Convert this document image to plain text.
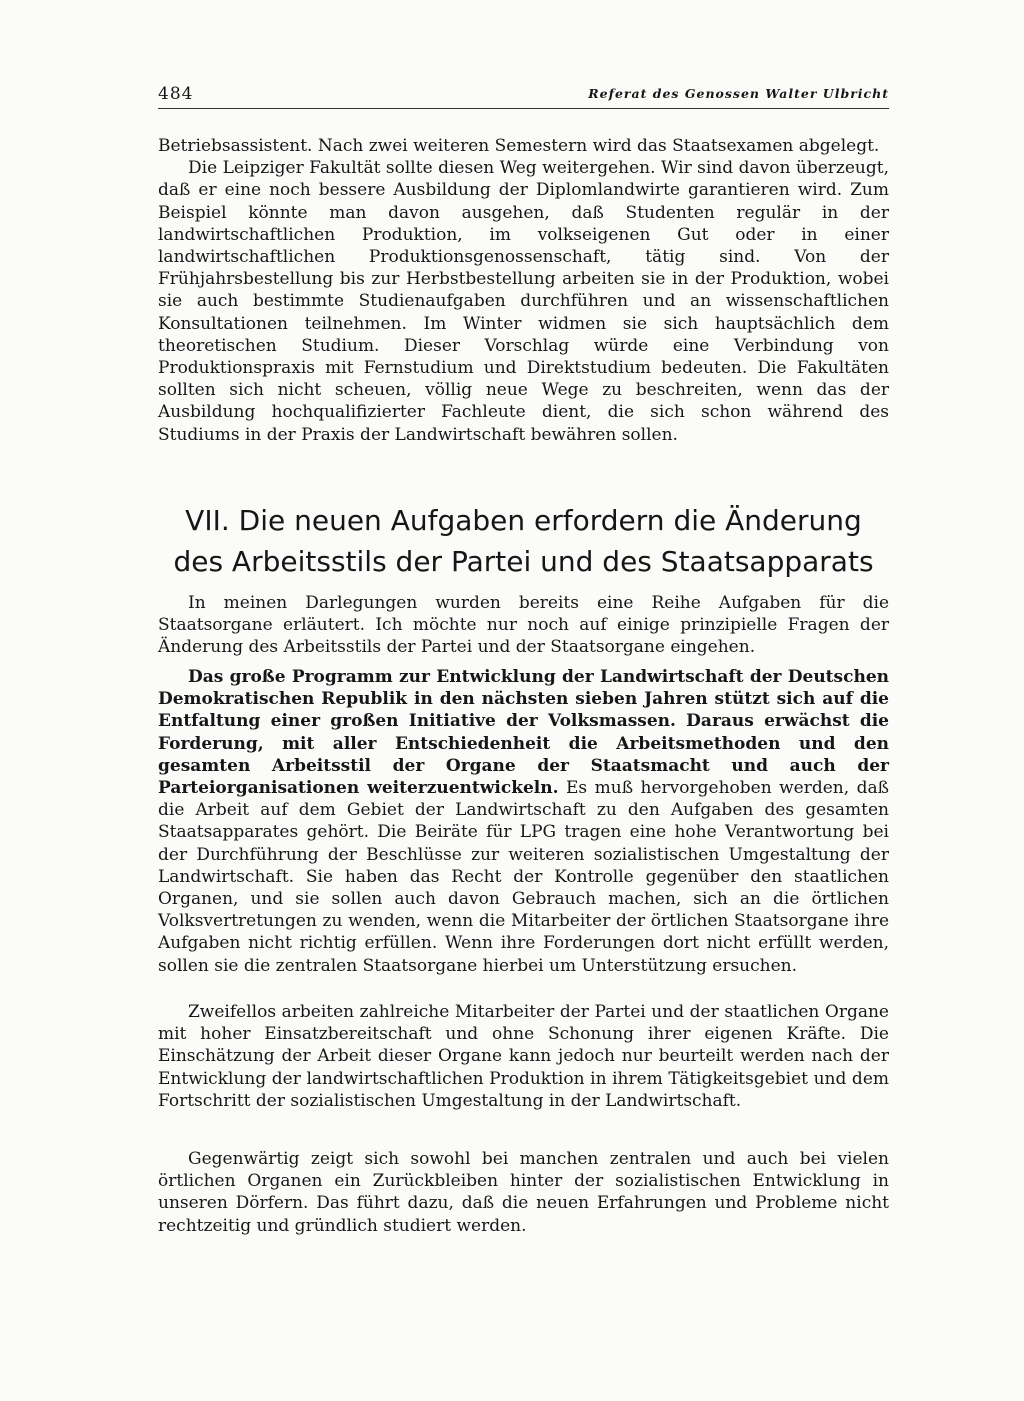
484	Referat des Genossen Walter Ulbricht

Betriebsassistent. Nach zwei weiteren Semestern wird das Staatsexamen abgelegt.

Die Leipziger Fakultät sollte diesen Weg weitergehen. Wir sind davon überzeugt, daß er eine noch bessere Ausbildung der Diplomlandwirte garantieren wird. Zum Beispiel könnte man davon ausgehen, daß Studenten regulär in der landwirtschaftlichen Produktion, im volkseigenen Gut oder in einer landwirtschaftlichen Produktionsgenossenschaft, tätig sind. Von der Frühjahrsbestellung bis zur Herbstbestellung arbeiten sie in der Produktion, wobei sie auch bestimmte Studienaufgaben durchführen und an wissenschaftlichen Konsultationen teilnehmen. Im Winter widmen sie sich hauptsächlich dem theoretischen Studium. Dieser Vorschlag würde eine Verbindung von Produktionspraxis mit Fernstudium und Direktstudium bedeuten. Die Fakultäten sollten sich nicht scheuen, völlig neue Wege zu beschreiten, wenn das der Ausbildung hochqualifizierter Fachleute dient, die sich schon während des Studiums in der Praxis der Landwirtschaft bewähren sollen.

VII. Die neuen Aufgaben erfordern die Änderung
des Arbeitsstils der Partei und des Staatsapparats

In meinen Darlegungen wurden bereits eine Reihe Aufgaben für die Staatsorgane erläutert. Ich möchte nur noch auf einige prinzipielle Fragen der Änderung des Arbeitsstils der Partei und der Staatsorgane eingehen.

Das große Programm zur Entwicklung der Landwirtschaft der Deutschen Demokratischen Republik in den nächsten sieben Jahren stützt sich auf die Entfaltung einer großen Initiative der Volksmassen. Daraus erwächst die Forderung, mit aller Entschiedenheit die Arbeitsmethoden und den gesamten Arbeitsstil der Organe der Staatsmacht und auch der Parteiorganisationen weiterzuentwickeln. Es muß hervorgehoben werden, daß die Arbeit auf dem Gebiet der Landwirtschaft zu den Aufgaben des gesamten Staatsapparates gehört. Die Beiräte für LPG tragen eine hohe Verantwortung bei der Durchführung der Beschlüsse zur weiteren sozialistischen Umgestaltung der Landwirtschaft. Sie haben das Recht der Kontrolle gegenüber den staatlichen Organen, und sie sollen auch davon Gebrauch machen, sich an die örtlichen Volksvertretungen zu wenden, wenn die Mitarbeiter der örtlichen Staatsorgane ihre Aufgaben nicht richtig erfüllen. Wenn ihre Forderungen dort nicht erfüllt werden, sollen sie die zentralen Staatsorgane hierbei um Unterstützung ersuchen.

Zweifellos arbeiten zahlreiche Mitarbeiter der Partei und der staatlichen Organe mit hoher Einsatzbereitschaft und ohne Schonung ihrer eigenen Kräfte. Die Einschätzung der Arbeit dieser Organe kann jedoch nur beurteilt werden nach der Entwicklung der landwirtschaftlichen Produktion in ihrem Tätigkeitsgebiet und dem Fortschritt der sozialistischen Umgestaltung in der Landwirtschaft.

Gegenwärtig zeigt sich sowohl bei manchen zentralen und auch bei vielen örtlichen Organen ein Zurückbleiben hinter der sozialistischen Entwicklung in unseren Dörfern. Das führt dazu, daß die neuen Erfahrungen und Probleme nicht rechtzeitig und gründlich studiert werden.
